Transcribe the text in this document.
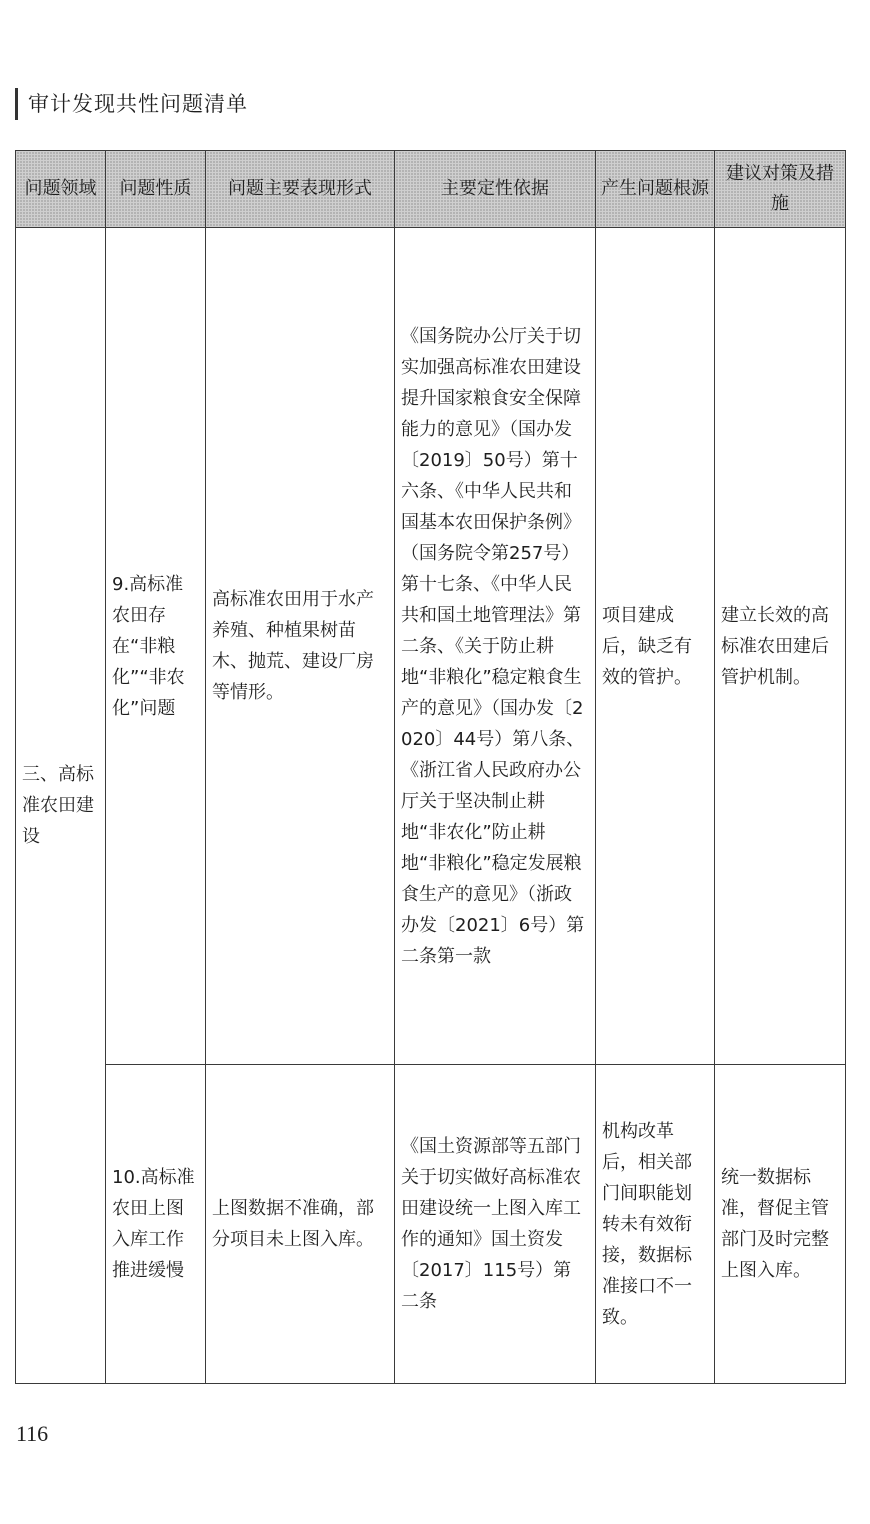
审计发现共性问题清单
问题领域	问题性质	问题主要表现形式	主要定性依据	产生问题根源	建议对策及措施
三、高标准农田建设	9.高标准农田存在“非粮化”“非农化”问题	高标准农田用于水产养殖、种植果树苗木、抛荒、建设厂房等情形。	《国务院办公厅关于切实加强高标准农田建设提升国家粮食安全保障能力的意见》（国办发〔2019〕50号）第十六条、《中华人民共和国基本农田保护条例》（国务院令第257号）第十七条、《中华人民共和国土地管理法》第二条、《关于防止耕地“非粮化”稳定粮食生产的意见》（国办发〔2020〕44号）第八条、《浙江省人民政府办公厅关于坚决制止耕地“非农化”防止耕地“非粮化”稳定发展粮食生产的意见》（浙政办发〔2021〕6号）第二条第一款	项目建成后，缺乏有效的管护。	建立长效的高标准农田建后管护机制。
	10.高标准农田上图入库工作推进缓慢	上图数据不准确，部分项目未上图入库。	《国土资源部等五部门关于切实做好高标准农田建设统一上图入库工作的通知》国土资发〔2017〕115号）第二条	机构改革后，相关部门间职能划转未有效衔接，数据标准接口不一致。	统一数据标准，督促主管部门及时完整上图入库。
116
